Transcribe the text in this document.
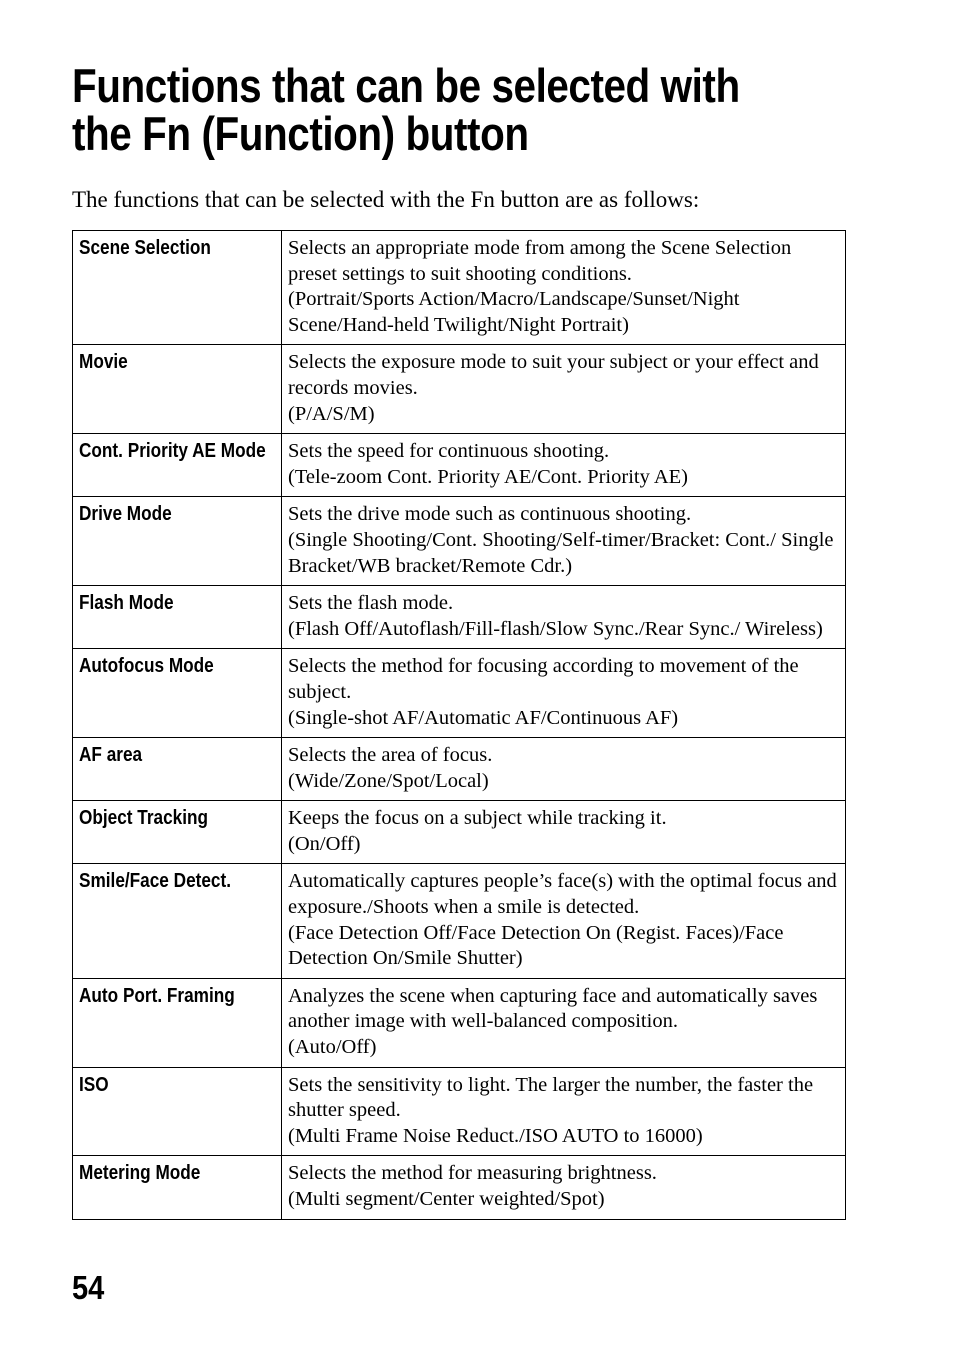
Functions that can be selected with
the Fn (Function) button

The functions that can be selected with the Fn button are as follows:

Scene Selection	Selects an appropriate mode from among the Scene Selection preset settings to suit shooting conditions.
(Portrait/Sports Action/Macro/Landscape/Sunset/Night Scene/Hand-held Twilight/Night Portrait)

Movie	Selects the exposure mode to suit your subject or your effect and records movies.
(P/A/S/M)

Cont. Priority AE Mode	Sets the speed for continuous shooting.
(Tele-zoom Cont. Priority AE/Cont. Priority AE)

Drive Mode	Sets the drive mode such as continuous shooting.
(Single Shooting/Cont. Shooting/Self-timer/Bracket: Cont./ Single Bracket/WB bracket/Remote Cdr.)

Flash Mode	Sets the flash mode.
(Flash Off/Autoflash/Fill-flash/Slow Sync./Rear Sync./ Wireless)

Autofocus Mode	Selects the method for focusing according to movement of the subject.
(Single-shot AF/Automatic AF/Continuous AF)

AF area	Selects the area of focus.
(Wide/Zone/Spot/Local)

Object Tracking	Keeps the focus on a subject while tracking it.
(On/Off)

Smile/Face Detect.	Automatically captures people’s face(s) with the optimal focus and exposure./Shoots when a smile is detected.
(Face Detection Off/Face Detection On (Regist. Faces)/Face Detection On/Smile Shutter)

Auto Port. Framing	Analyzes the scene when capturing face and automatically saves another image with well-balanced composition.
(Auto/Off)

ISO	Sets the sensitivity to light. The larger the number, the faster the shutter speed.
(Multi Frame Noise Reduct./ISO AUTO to 16000)

Metering Mode	Selects the method for measuring brightness.
(Multi segment/Center weighted/Spot)
54
